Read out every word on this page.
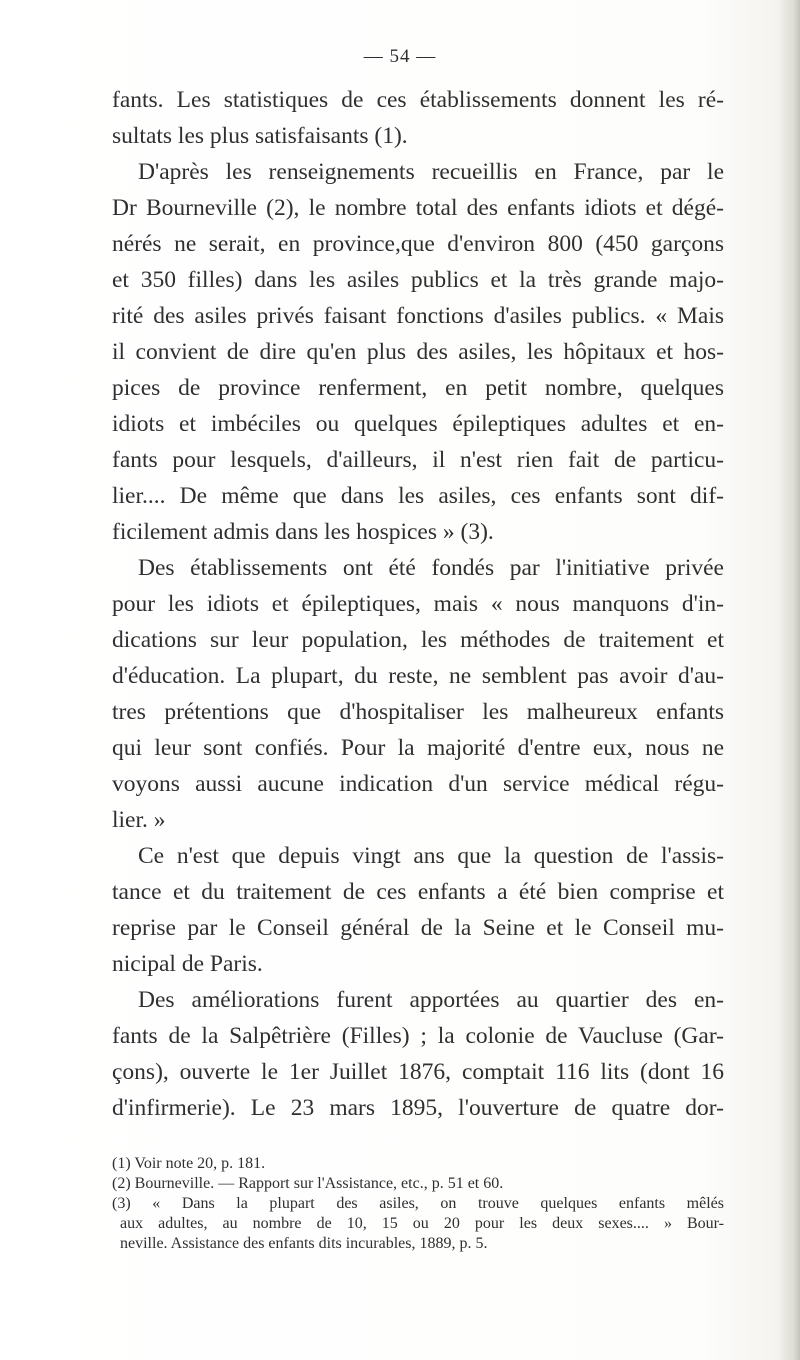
— 54 —
fants. Les statistiques de ces établissements donnent les ré-
sultats les plus satisfaisants (1).
D'après les renseignements recueillis en France, par le
Dr Bourneville (2), le nombre total des enfants idiots et dégé-
nérés ne serait, en province,que d'environ 800 (450 garçons
et 350 filles) dans les asiles publics et la très grande majo-
rité des asiles privés faisant fonctions d'asiles publics. « Mais
il convient de dire qu'en plus des asiles, les hôpitaux et hos-
pices de province renferment, en petit nombre, quelques
idiots et imbéciles ou quelques épileptiques adultes et en-
fants pour lesquels, d'ailleurs, il n'est rien fait de particu-
lier.... De même que dans les asiles, ces enfants sont dif-
ficilement admis dans les hospices » (3).
Des établissements ont été fondés par l'initiative privée
pour les idiots et épileptiques, mais « nous manquons d'in-
dications sur leur population, les méthodes de traitement et
d'éducation. La plupart, du reste, ne semblent pas avoir d'au-
tres prétentions que d'hospitaliser les malheureux enfants
qui leur sont confiés. Pour la majorité d'entre eux, nous ne
voyons aussi aucune indication d'un service médical régu-
lier. »
Ce n'est que depuis vingt ans que la question de l'assis-
tance et du traitement de ces enfants a été bien comprise et
reprise par le Conseil général de la Seine et le Conseil mu-
nicipal de Paris.
Des améliorations furent apportées au quartier des en-
fants de la Salpêtrière (Filles) ; la colonie de Vaucluse (Gar-
çons), ouverte le 1er Juillet 1876, comptait 116 lits (dont 16
d'infirmerie). Le 23 mars 1895, l'ouverture de quatre dor-
(1) Voir note 20, p. 181.
(2) Bourneville. — Rapport sur l'Assistance, etc., p. 51 et 60.
(3) « Dans la plupart des asiles, on trouve quelques enfants mêlés
aux adultes, au nombre de 10, 15 ou 20 pour les deux sexes.... » Bour-
neville. Assistance des enfants dits incurables, 1889, p. 5.
